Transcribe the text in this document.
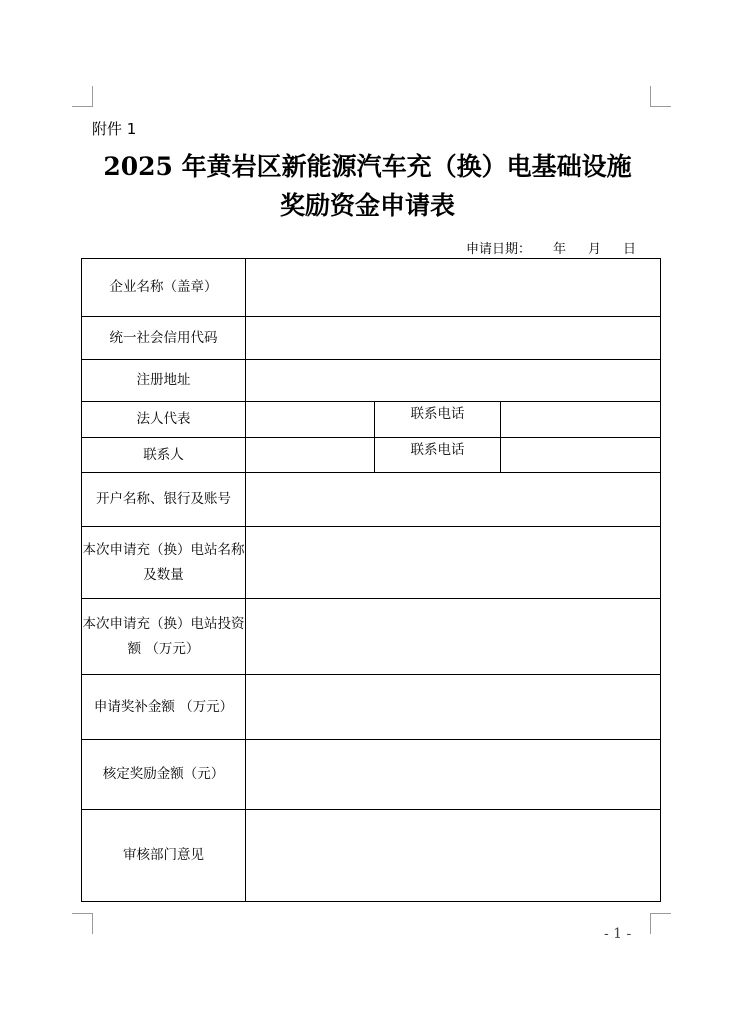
附件 1
2025 年黄岩区新能源汽车充（换）电基础设施
奖励资金申请表
申请日期： 年 月 日
企业名称（盖章）			
统一社会信用代码			
注册地址			
法人代表		联系电话	
联系人		联系电话	
开户名称、银行及账号			
本次申请充（换）电站名称及数量			
本次申请充（换）电站投资额 （万元）			
申请奖补金额 （万元）			
核定奖励金额（元）			
审核部门意见			
- 1 -
